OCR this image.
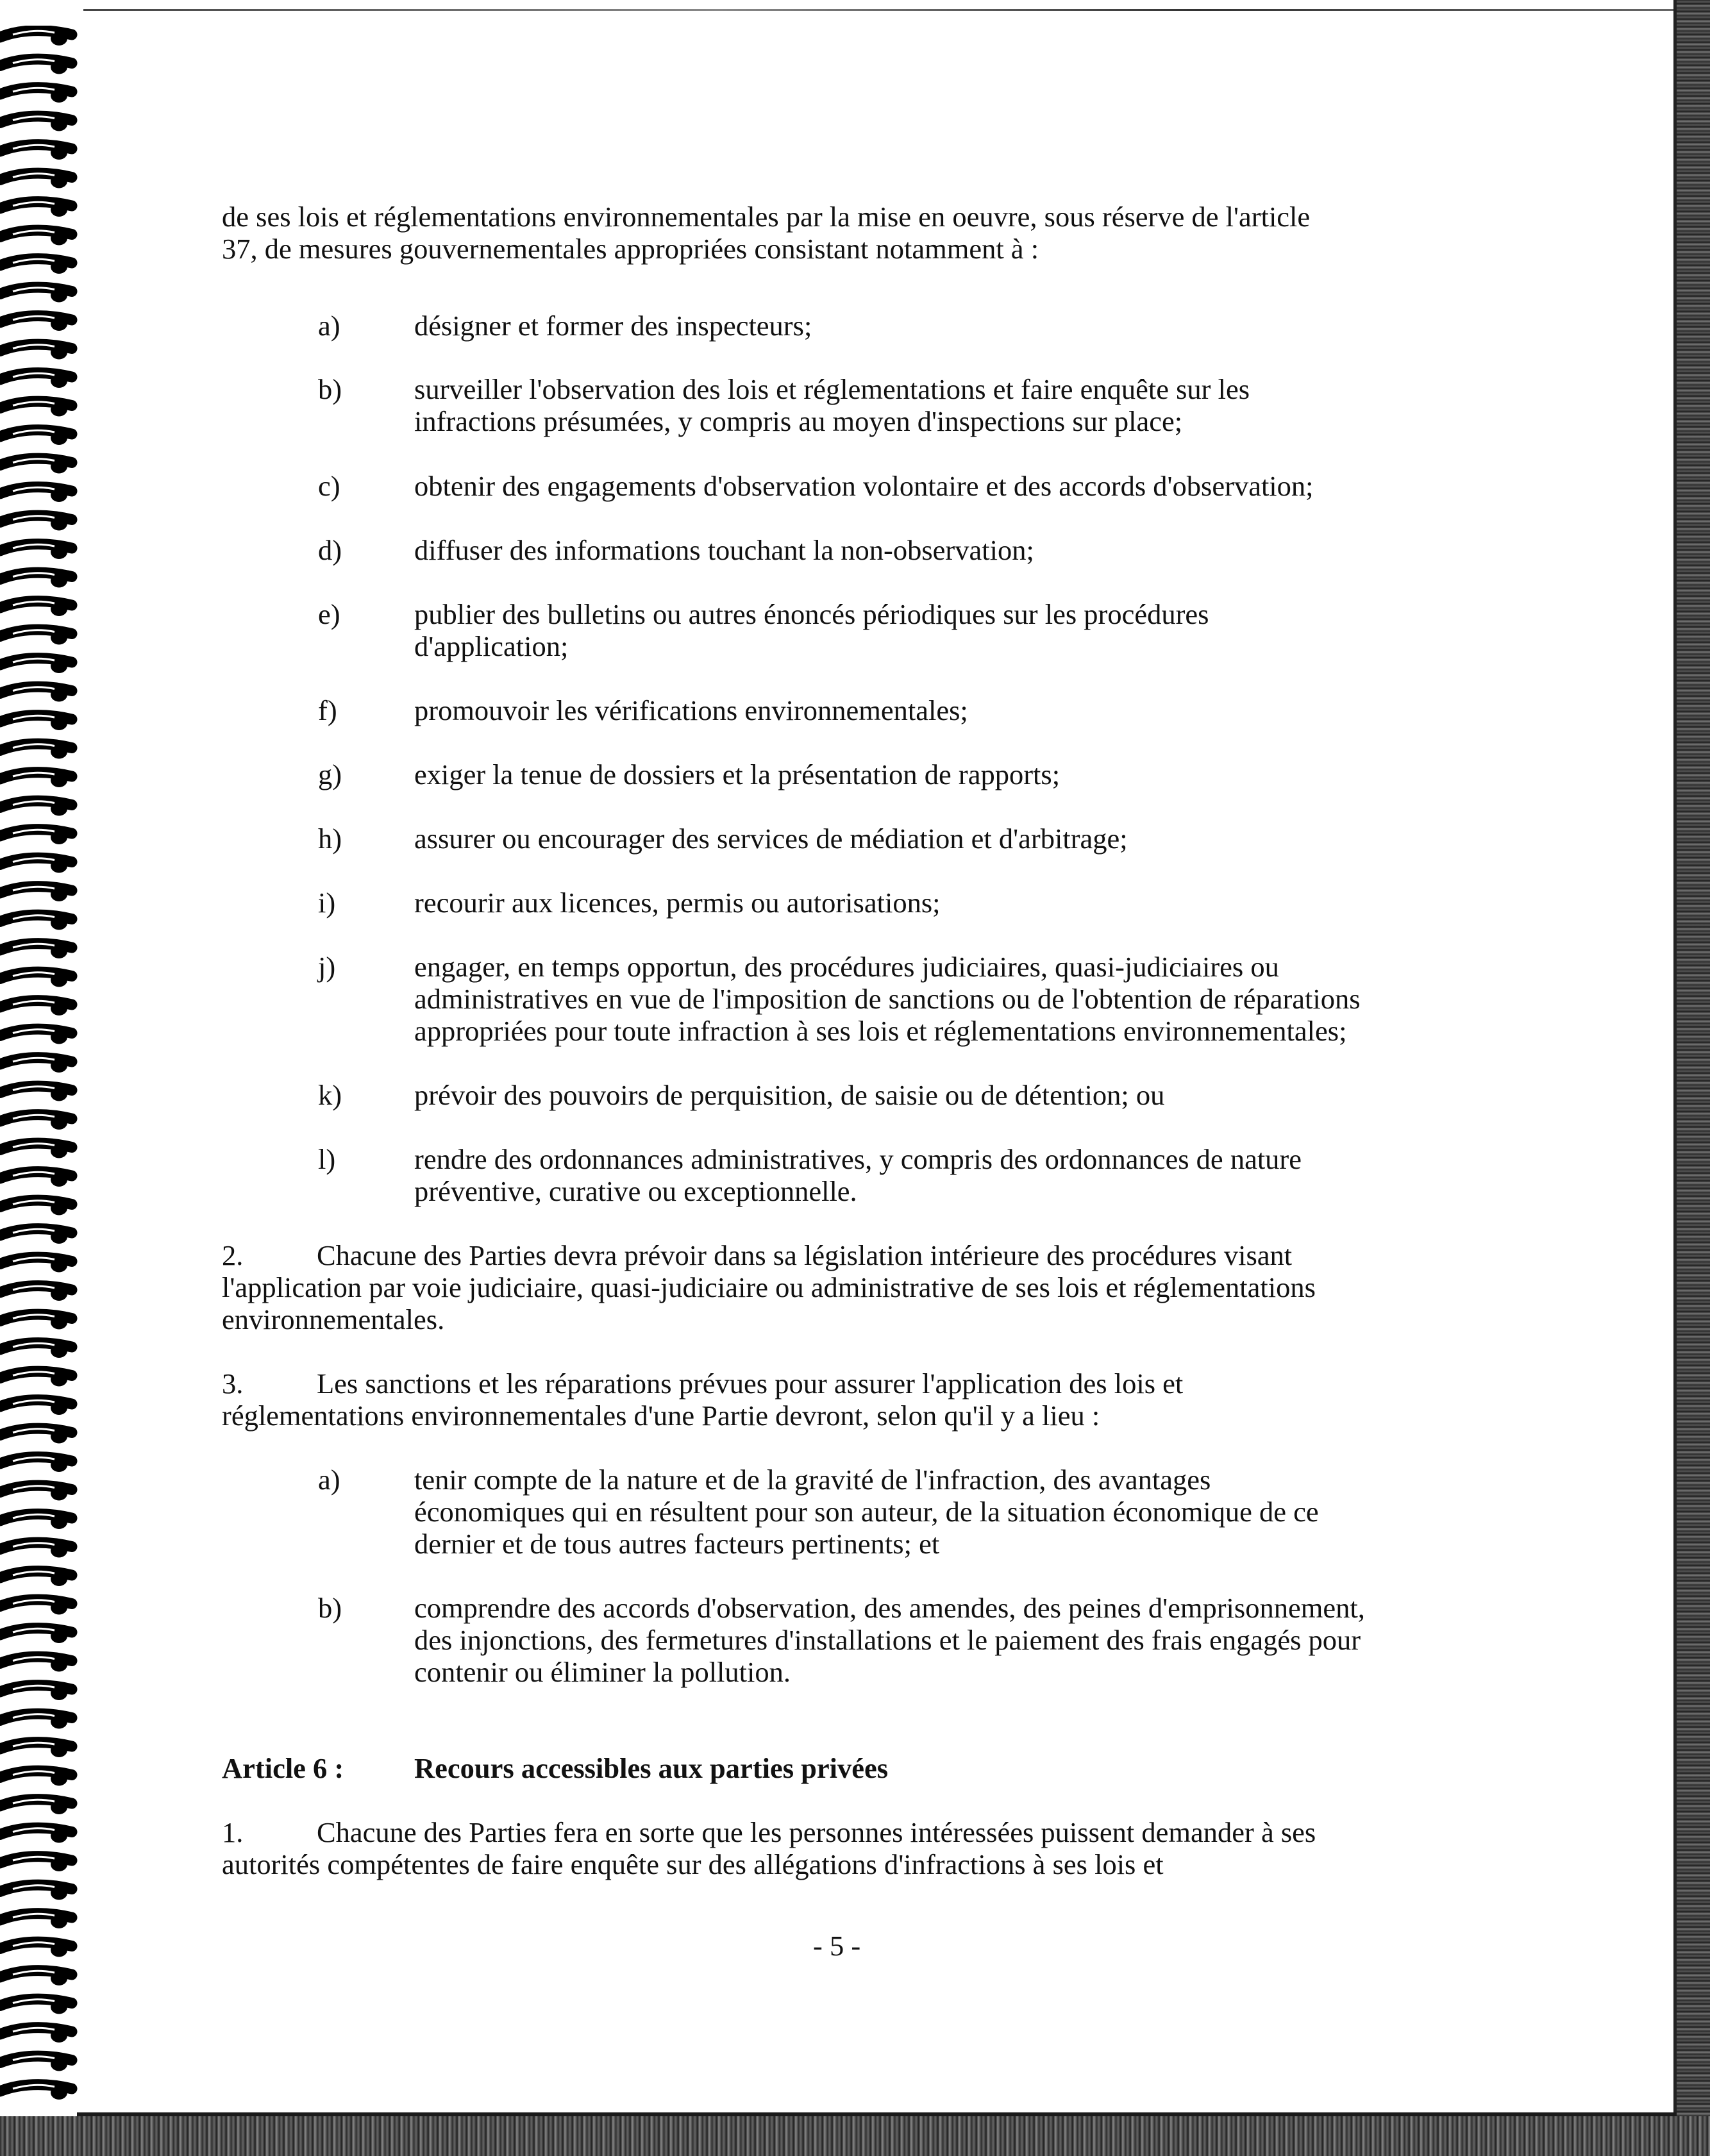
de ses lois et réglementations environnementales par la mise en oeuvre, sous réserve de l'article
37, de mesures gouvernementales appropriées consistant notamment à :
a)	désigner et former des inspecteurs;
b)	surveiller l'observation des lois et réglementations et faire enquête sur les
infractions présumées, y compris au moyen d'inspections sur place;
c)	obtenir des engagements d'observation volontaire et des accords d'observation;
d)	diffuser des informations touchant la non-observation;
e)	publier des bulletins ou autres énoncés périodiques sur les procédures
d'application;
f)	promouvoir les vérifications environnementales;
g)	exiger la tenue de dossiers et la présentation de rapports;
h)	assurer ou encourager des services de médiation et d'arbitrage;
i)	recourir aux licences, permis ou autorisations;
j)	engager, en temps opportun, des procédures judiciaires, quasi-judiciaires ou
administratives en vue de l'imposition de sanctions ou de l'obtention de réparations
appropriées pour toute infraction à ses lois et réglementations environnementales;
k)	prévoir des pouvoirs de perquisition, de saisie ou de détention; ou
l)	rendre des ordonnances administratives, y compris des ordonnances de nature
préventive, curative ou exceptionnelle.
2.	Chacune des Parties devra prévoir dans sa législation intérieure des procédures visant
l'application par voie judiciaire, quasi-judiciaire ou administrative de ses lois et réglementations
environnementales.
3.	Les sanctions et les réparations prévues pour assurer l'application des lois et
réglementations environnementales d'une Partie devront, selon qu'il y a lieu :
a)	tenir compte de la nature et de la gravité de l'infraction, des avantages
économiques qui en résultent pour son auteur, de la situation économique de ce
dernier et de tous autres facteurs pertinents; et
b)	comprendre des accords d'observation, des amendes, des peines d'emprisonnement,
des injonctions, des fermetures d'installations et le paiement des frais engagés pour
contenir ou éliminer la pollution.
Article 6 : Recours accessibles aux parties privées
1.	Chacune des Parties fera en sorte que les personnes intéressées puissent demander à ses
autorités compétentes de faire enquête sur des allégations d'infractions à ses lois et
- 5 -
